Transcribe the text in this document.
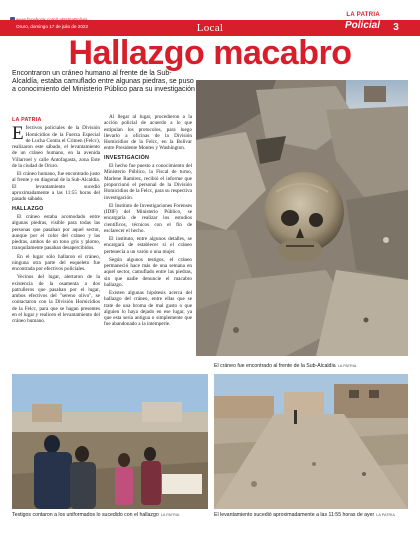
Oruro, domingo 17 de julio de 2022	Local
LA PATRIA
Policial	3
Hallazgo macabro
Encontraron un cráneo humano al frente de la Sub-Alcaldía, estaba camuflado entre algunas piedras, se puso a conocimiento del Ministerio Público para su investigación
LA PATRIA

Efectivos policiales de la División Homicidios de la Fuerza Especial de Lucha Contra el Crimen (Felcc), realizaron este sábado, el levantamiento de un cráneo humano, en la avenida Villarroel y calle Antofagasta, zona Este de la ciudad de Oruro.

El cráneo humano, fue encontrado justo al frente y en diagonal de la Sub-Alcaldía. El levantamiento sucedió aproximadamente a las 11:55 horas del pasado sábado.

HALLAZGO

El cráneo estaba acomodado entre algunas piedras, visible para todas las personas que pasaban por aquel sector, aunque por el color del cráneo y las piedras, ambos de un tono gris y plomo, tranquilamente pasaban desapercibidos.

En el lugar sólo hallaron el cráneo, ninguna otra parte del esqueleto fue encontrada por efectivos policiales.

Vecinos del lugar, alertaron de la existencia de la osamenta a dos patrulleros que pasaban por el lugar, ambos efectivos del "sereno olivo", se contactaron con la División Homicidios de la Felcc, para que se hagan presentes en el lugar y realicen el levantamiento del cráneo humano.

Al llegar al lugar, procedieron a la acción policial de acuerdo a lo que estipulan los protocolos, para luego llevarlo a oficinas de la División Homicidios de la Felcc, en la Bolívar entre Presidente Montes y Washington.

INVESTIGACIÓN

El hecho fue puesto a conocimiento del Ministerio Público, la Fiscal de turno, Marlene Ramírez, recibió el informe que proporcionó el personal de la División Homicidios de la Felcc, para su respectiva investigación.

El Instituto de Investigaciones Forenses (IDIF) del Ministerio Público, se encargaría de realizar los estudios científicos, técnicos con el fin de esclarecer el hecho.

El instituto, entre algunos detalles, se encargará de establecer si el cráneo pertenecía a un varón o una mujer.

Según algunos testigos, el cráneo permaneció hace más de una semana en aquel sector, camuflado entre las piedras, sin que nadie denuncie el macabro hallazgo.

Existen algunas hipótesis acerca del hallazgo del cráneo, entre ellas que se trate de una broma de mal gusto o que alguien lo haya dejado en ese lugar, ya que esta sería antigua o simplemente que fue abandonado a la intemperie.

El cráneo fue encontrado al frente de la Sub-Alcaldía LA PATRIA
Testigos contaron a los uniformados lo sucedido con el hallazgo LA PATRIA	El levantamiento sucedió aproximadamente a las 11:55 horas de ayer LA PATRIA
